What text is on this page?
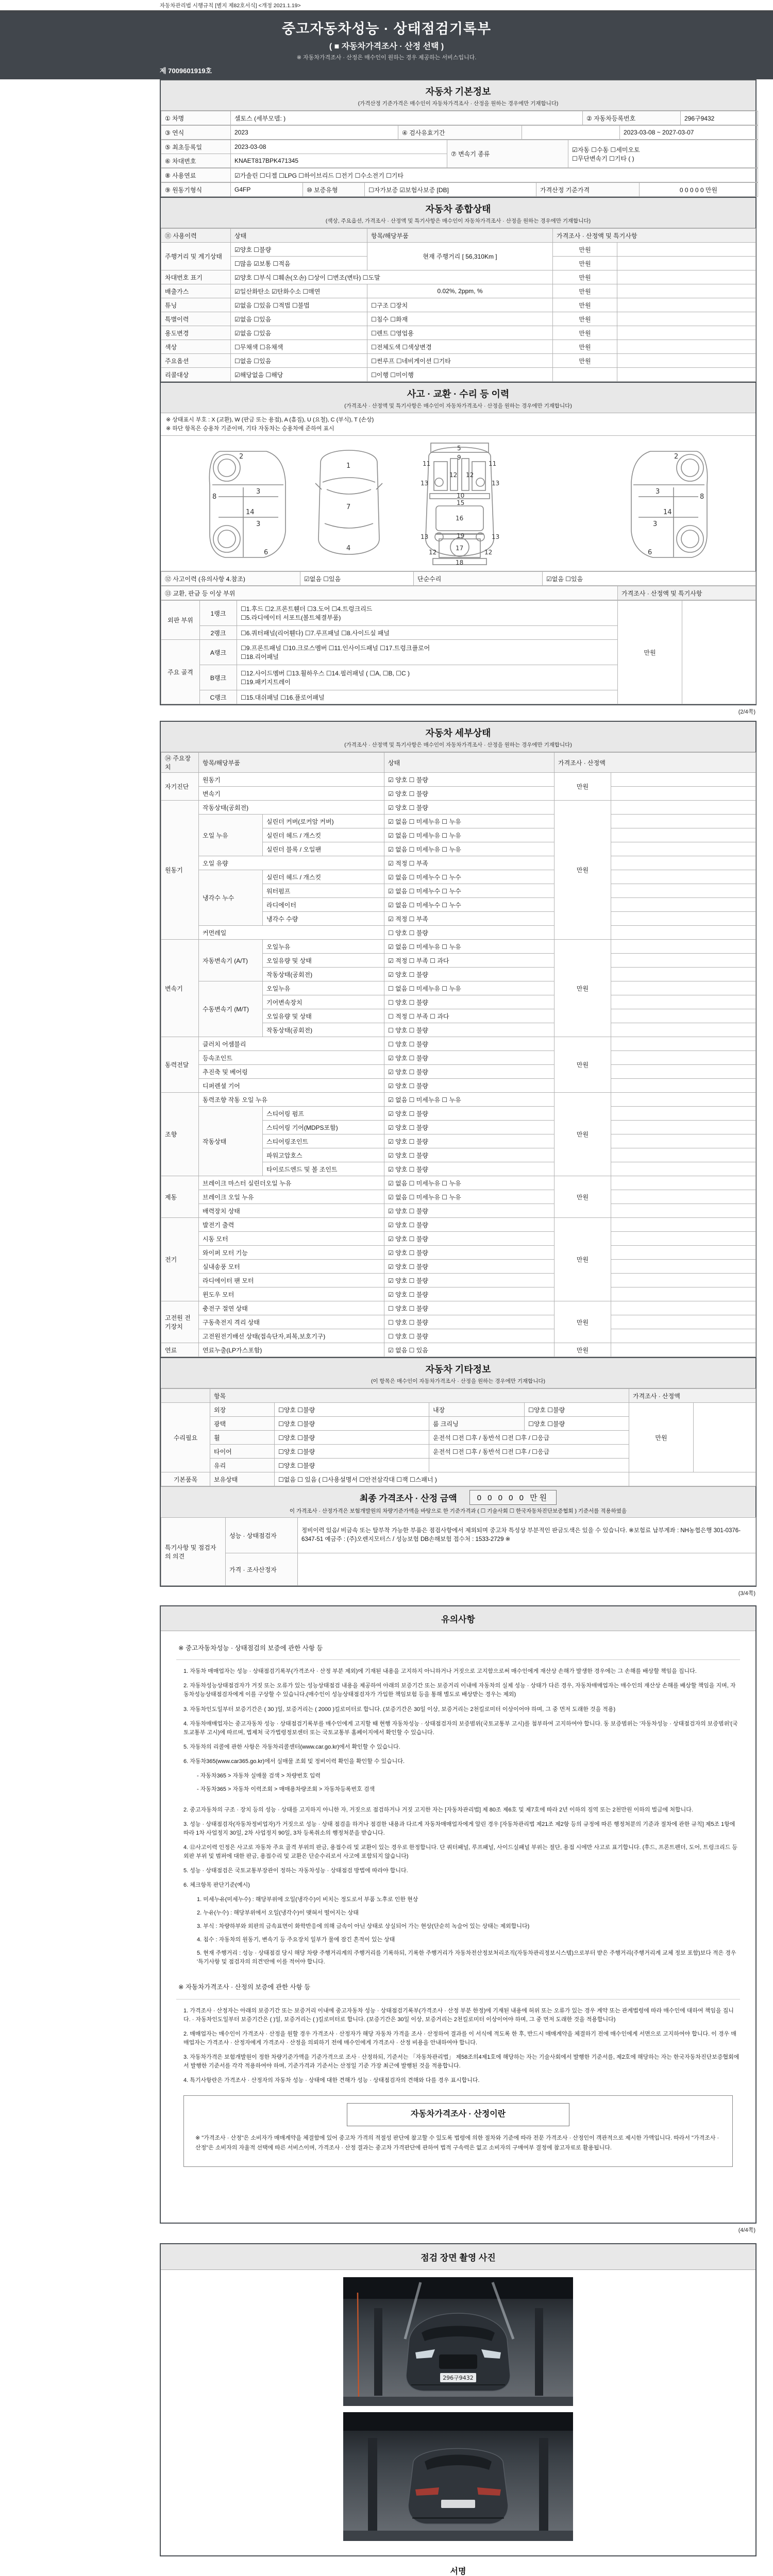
자동차관리법 시행규칙 [별지 제82호서식] <개정 2021.1.19>
중고자동차성능 · 상태점검기록부
( ■ 자동차가격조사 · 산정 선택 )
※ 자동차가격조사 · 산정은 매수인이 원하는 경우 제공하는 서비스입니다.
제 7009601919호
자동차 기본정보
(가격산정 기준가격은 매수인이 자동차가격조사 · 산정을 원하는 경우에만 기재합니다)
① 차명	셀토스 (세부모델: )	② 자동차등록번호	296구9432
③ 연식	2023	④ 검사유효기간		2023-03-08 ~ 2027-03-07
⑤ 최초등록일	2023-03-08	⑦ 변속기 종류	☑자동 ☐수동 ☐세미오토
☐무단변속기 ☐기타 ( )

⑥ 차대번호	KNAET817BPK471345		
⑧ 사용연료	☑가솔린 ☐디젤 ☐LPG ☐하이브리드 ☐전기 ☐수소전기 ☐기타
⑨ 원동기형식	G4FP	⑩ 보증유형	☐자가보증 ☑보험사보증 [DB]	가격산정 기준가격	0 0 0 0 0 만원
자동차 종합상태
(색상, 주요옵션, 가격조사 · 산정액 및 특기사항은 매수인이 자동차가격조사 · 산정을 원하는 경우에만 기재합니다)
⑪ 사용이력	상태	항목/해당부품	가격조사 · 산정액 및 특기사항	
주행거리 및 계기상태	☑양호 ☐불량	현재 주행거리 [ 56,310Km ]	만원	
	☐많음 ☑보통 ☐적음		만원	
차대번호 표기	☑양호 ☐부식 ☐훼손(오손) ☐상이 ☐변조(변타) ☐도말		만원	
배출가스	☑일산화탄소 ☑탄화수소 ☐매연	0.02%, 2ppm, %	만원	
튜닝	☑없음 ☐있음 ☐적법 ☐불법	☐구조 ☐장치	만원	
특별이력	☑없음 ☐있음	☐침수 ☐화재	만원	
용도변경	☑없음 ☐있음	☐렌트 ☐영업용	만원	
색상	☐무채색 ☐유채색	☐전체도색 ☐색상변경	만원	
주요옵션	☐없음 ☐있음	☐썬루프 ☐네비게이션 ☐기타	만원	
리콜대상	☑해당없음 ☐해당	☐이행 ☐미이행		
사고 · 교환 · 수리 등 이력
(가격조사 · 산정액 및 특기사항은 매수인이 자동차가격조사 · 산정을 원하는 경우에만 기재합니다)
※ 상태표시 부호 : X (교환), W (판금 또는 용접), A (흠집), U (요철), C (부식), T (손상)
※ 하단 항목은 승용차 기준이며, 기타 자동차는 승용차에 준하여 표시
2
8
3
14
3
6
1
7
4
5
9
11	11
13	13
12 12
10
15
16
13	19	13
12
17
12
18
2
8
3
14
3
6
⑫ 사고이력 (유의사항 4.참조)	☑없음 ☐있음	단순수리	☑없음 ☐있음
⑬ 교환, 판금 등 이상 부위	가격조사 · 산정액 및 특기사항
외판 부위	1랭크	☐1.후드 ☐2.프론트휀더 ☐3.도어 ☐4.트렁크리드
☐5.라디에이터 서포트(볼트체결부품)	만원	
	2랭크	☐6.쿼터패널(리어휀다) ☐7.루프패널 ☐8.사이드실 패널		
주요 골격	A랭크	☐9.프론트패널 ☐10.크로스멤버 ☐11.인사이드패널 ☐17.트렁크플로어
☐18.리어패널		

	B랭크	☐12.사이드멤버 ☐13.휠하우스 ☐14.필러패널 ( ☐A, ☐B, ☐C )
☐19.패키지트레이		

	C랭크	☐15.대쉬패널 ☐16.플로어패널		
(2/4쪽)
자동차 세부상태
(가격조사 · 산정액 및 특기사항은 매수인이 자동차가격조사 · 산정을 원하는 경우에만 기재합니다)
⑭ 주요장치	항목/해당부품		상태	가격조사 · 산정액	
자기진단	원동기		☑ 양호 ☐ 불량	만원	
	변속기		☑ 양호 ☐ 불량		
원동기	작동상태(공회전)		☑ 양호 ☐ 불량	만원	
	오일 누유	실린더 커버(로커암 커버)	☑ 없음 ☐ 미세누유 ☐ 누유		
		실린더 헤드 / 개스킷	☑ 없음 ☐ 미세누유 ☐ 누유		
		실린더 블록 / 오일팬	☑ 없음 ☐ 미세누유 ☐ 누유		
	오일 유량		☑ 적정 ☐ 부족		
	냉각수 누수	실린더 헤드 / 개스킷	☑ 없음 ☐ 미세누수 ☐ 누수		
		워터펌프	☑ 없음 ☐ 미세누수 ☐ 누수		
		라디에이터	☑ 없음 ☐ 미세누수 ☐ 누수		
		냉각수 수량	☑ 적정 ☐ 부족		
	커먼레일		☐ 양호 ☐ 불량		
변속기	자동변속기 (A/T)	오일누유	☑ 없음 ☐ 미세누유 ☐ 누유	만원	
		오일유량 및 상태	☑ 적정 ☐ 부족 ☐ 과다		
		작동상태(공회전)	☑ 양호 ☐ 불량		
	수동변속기 (M/T)	오일누유	☐ 없음 ☐ 미세누유 ☐ 누유		
		기어변속장치	☐ 양호 ☐ 불량		
		오일유량 및 상태	☐ 적정 ☐ 부족 ☐ 과다		
		작동상태(공회전)	☐ 양호 ☐ 불량		
동력전달	클러치 어셈블리		☐ 양호 ☐ 불량	만원	
	등속조인트		☑ 양호 ☐ 불량		
	추진축 및 베어링		☑ 양호 ☐ 불량		
	디퍼렌셜 기어		☑ 양호 ☐ 불량		
조향	동력조향 작동 오일 누유		☑ 없음 ☐ 미세누유 ☐ 누유	만원	
	작동상태	스티어링 펌프	☑ 양호 ☐ 불량		
		스티어링 기어(MDPS포함)	☑ 양호 ☐ 불량		
		스티어링조인트	☑ 양호 ☐ 불량		
		파워고압호스	☑ 양호 ☐ 불량		
		타이로드엔드 및 볼 조인트	☑ 양호 ☐ 불량		
제동	브레이크 마스터 실린더오일 누유		☑ 없음 ☐ 미세누유 ☐ 누유	만원	
	브레이크 오일 누유		☑ 없음 ☐ 미세누유 ☐ 누유		
	배력장치 상태		☑ 양호 ☐ 불량		
전기	발전기 출력		☑ 양호 ☐ 불량	만원	
	시동 모터		☑ 양호 ☐ 불량		
	와이퍼 모터 기능		☑ 양호 ☐ 불량		
	실내송풍 모터		☑ 양호 ☐ 불량		
	라디에이터 팬 모터		☑ 양호 ☐ 불량		
	윈도우 모터		☑ 양호 ☐ 불량		
고전원 전기장치	충전구 절연 상태		☐ 양호 ☐ 불량	만원	
	구동축전지 격리 상태		☐ 양호 ☐ 불량		
	고전원전기배선 상태(접속단자,피복,보호기구)		☐ 양호 ☐ 불량		
연료	연료누출(LP가스포함)		☑ 없음 ☐ 있음	만원	
자동차 기타정보
(이 항목은 매수인이 자동차가격조사 · 산정을 원하는 경우에만 기재합니다)
	항목				가격조사 · 산정액	
수리필요	외장	☐양호 ☐불량	내장	☐양호 ☐불량	만원	
	광택	☐양호 ☐불량	룸 크리닝	☐양호 ☐불량		
	휠	☐양호 ☐불량	운전석 ☐전 ☐후 / 동반석 ☐전 ☐후 / ☐응급			
	타이어	☐양호 ☐불량	운전석 ☐전 ☐후 / 동반석 ☐전 ☐후 / ☐응급			
	유리	☐양호 ☐불량				
기본품목	보유상태	☐없음 ☐ 있음 ( ☐사용설명서 ☐안전삼각대 ☐잭 ☐스패너 )				
최종 가격조사 · 산정 금액	0 0 0 0 0 만원
이 가격조사 · 산정가격은 보험개발원의 차량기준가액을 바탕으로 한 기준가격과 ( ☐ 기술사회 ☐ 한국자동차진단보증협회 ) 기준서를 적용하였음
특기사항 및 점검자의 의견	성능 · 상태점검자	정비이력 있음/ 비금속 또는 탈부착 가능한 부품은 점검사항에서 제외되며 중고차 특성상 부분적인 판금도색은 있을 수 있습니다. ※보험료 납부계좌 : NH농협은행 301-0376-6347-51 예금주 : (주)오렌지모터스 / 성능보험 DB손해보험 접수처 : 1533-2729 ※
	가격 · 조사산정자	
(3/4쪽)
유의사항

※ 중고자동차성능 · 상태점검의 보증에 관한 사항 등

1. 자동차 매매업자는 성능 · 상태점검기록부(가격조사 · 산정 부분 제외)에 기재된 내용을 고지하지 아니하거나 거짓으로 고지함으로써 매수인에게 재산상 손해가 발생한 경우에는 그 손해를 배상할 책임을 집니다.

2. 자동차성능상태점검자가 거짓 또는 오류가 있는 성능상태점검 내용을 제공하여 아래의 보증기간 또는 보증거리 이내에 자동차의 실제 성능 · 상태가 다른 경우, 자동차매매업자는 매수인의 재산상 손해를 배상할 책임을 지며, 자동차성능상태점검자에게 이를 구상할 수 있습니다.(매수인이 성능상태점검자가 가입한 책임보험 등을 통해 별도로 배상받는 경우는 제외)

3. 자동차인도일부터 보증기간은 ( 30 )일, 보증거리는 ( 2000 )킬로미터로 합니다. (보증기간은 30일 이상, 보증거리는 2천킬로미터 이상이어야 하며, 그 중 먼저 도래한 것을 적용)

4. 자동차매매업자는 중고자동차 성능 · 상태점검기록부를 매수인에게 고지할 때 현행 자동차성능 · 상태점검자의 보증범위(국토교통부 고시)를 첨부하여 고지하여야 합니다. 동 보증범위는 '자동차성능 · 상태점검자의 보증범위'(국토교통부 고시)에 따르며, 법제처 국가법령정보센터 또는 국토교통부 홈페이지에서 확인할 수 있습니다.

5. 자동차의 리콜에 관한 사항은 자동차리콜센터(www.car.go.kr)에서 확인할 수 있습니다.

6. 자동차365(www.car365.go.kr)에서 실매물 조회 및 정비이력 확인을 확인할 수 있습니다.

- 자동차365 > 자동차 실매물 검색 > 차량번호 입력

- 자동차365 > 자동차 이력조회 > 매매용차량조회 > 자동차등록번호 검색

2. 중고자동차의 구조 · 장치 등의 성능 · 상태를 고지하지 아니한 자, 거짓으로 점검하거나 거짓 고지한 자는 [자동차관리법] 제 80조 제6호 및 제7호에 따라 2년 이하의 징역 또는 2천만원 이하의 벌금에 처합니다.

3. 성능 · 상태점검자(자동차정비업자)가 거짓으로 성능 · 상태 점검을 하거나 점검한 내용과 다르게 자동차매매업자에게 알린 경우 [자동차관리법 제21조 제2항 등의 규정에 따른 행정처분의 기준과 절차에 관한 규칙] 제5조 1항에 따라 1차 사업정지 30일, 2차 사업정지 90일, 3차 등록취소의 행정처분을 받습니다.

4. ⑫사고이력 인정은 사고로 자동차 주요 골격 부위의 판금, 용접수리 및 교환이 있는 경우로 한정합니다. 단 쿼터패널, 루프패널, 사이드실패널 부위는 절단, 용접 시에만 사고로 표기합니다. (후드, 프론트펜더, 도어, 트렁크리드 등 외판 부위 및 범퍼에 대한 판금, 용접수리 및 교환은 단순수리로서 사고에 포함되지 않습니다)

5. 성능 · 상태점검은 국토교통부장관이 정하는 자동차성능 · 상태점검 방법에 따라야 합니다.

6. 체크항목 판단기준(예시)

1. 미세누유(미세누수) : 해당부위에 오일(냉각수)이 비치는 정도로서 부품 노후로 인한 현상

2. 누유(누수) : 해당부위에서 오일(냉각수)이 맺혀서 떨어지는 상태

3. 부식 : 차량하부와 외판의 금속표면이 화학반응에 의해 금속이 아닌 상태로 상실되어 가는 현상(단순히 녹슬어 있는 상태는 제외합니다)

4. 침수 : 자동차의 원동기, 변속기 등 주요장치 일부가 물에 잠긴 흔적이 있는 상태

5. 현재 주행거리 : 성능 · 상태점검 당시 해당 차량 주행거리계의 주행거리를 기록하되, 기록한 주행거리가 자동차전산정보처리조직(자동차관리정보시스템)으로부터 받은 주행거리(주행거리계 교체 정보 포함)보다 적은 경우 '특기사항 및 점검자의 의견'란에 이를 적어야 합니다.

※ 자동차가격조사 · 산정의 보증에 관한 사항 등

1. 가격조사 · 산정자는 아래의 보증기간 또는 보증거리 이내에 중고자동차 성능 · 상태점검기록부(가격조사 · 산정 부분 한정)에 기재된 내용에 허위 또는 오류가 있는 경우 계약 또는 관계법령에 따라 매수인에 대하여 책임을 집니다. · 자동차인도일부터 보증기간은 ( )일, 보증거리는 ( )킬로미터로 합니다. (보증기간은 30일 이상, 보증거리는 2천킬로미터 이상이어야 하며, 그 중 먼저 도래한 것을 적용합니다)

2. 매매업자는 매수인이 가격조사 · 산정을 원할 경우 가격조사 · 산정자가 해당 자동차 가격을 조사 · 산정하여 결과를 이 서식에 적도록 한 후, 반드시 매매계약을 체결하기 전에 매수인에게 서면으로 고지하여야 합니다. 이 경우 매매업자는 가격조사 · 산정자에게 가격조사 · 산정을 의뢰하기 전에 매수인에게 가격조사 · 산정 비용을 안내하여야 합니다.

3. 자동차가격은 보험개발원이 정한 차량기준가액을 기준가격으로 조사 · 산정하되, 기준서는 「자동차관리법」 제58조의4제1호에 해당하는 자는 기술사회에서 발행한 기준서를, 제2호에 해당하는 자는 한국자동차진단보증협회에서 발행한 기준서를 각각 적용하여야 하며, 기준가격과 기준서는 산정일 기준 가장 최근에 발행된 것을 적용합니다.

4. 특기사항란은 가격조사 · 산정자의 자동차 성능 · 상태에 대한 견해가 성능 · 상태점검자의 견해와 다를 경우 표시합니다.

자동차가격조사 · 산정이란

※ "가격조사 · 산정"은 소비자가 매매계약을 체결함에 있어 중고차 가격의 적절성 판단에 참고할 수 있도록 법령에 의한 절차와 기준에 따라 전문 가격조사 · 산정인이 객관적으로 제시한 가액입니다. 따라서 "가격조사 · 산정"은 소비자의 자율적 선택에 따른 서비스이며, 가격조사 · 산정 결과는 중고차 가격판단에 관하여 법적 구속력은 없고 소비자의 구매여부 결정에 참고자료로 활용됩니다.

(4/4쪽)
점검 장면 촬영 사진
296구9432
서명
